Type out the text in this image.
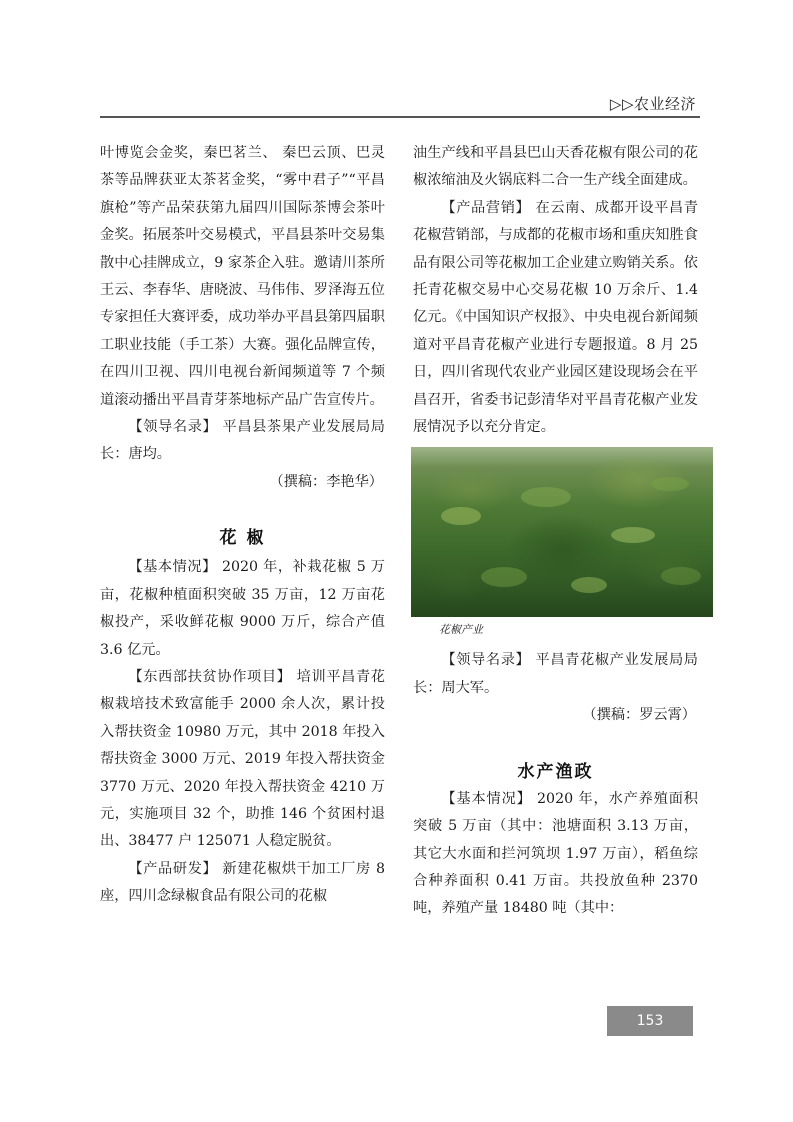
▷▷农业经济

叶博览会金奖，秦巴茗兰、 秦巴云顶、巴灵茶等品牌获亚太茶茗金奖，“雾中君子”“平昌旗枪”等产品荣获第九届四川国际茶博会茶叶金奖。拓展茶叶交易模式，平昌县茶叶交易集散中心挂牌成立，9 家茶企入驻。邀请川茶所王云、李春华、唐晓波、马伟伟、罗泽海五位专家担任大赛评委，成功举办平昌县第四届职工职业技能（手工茶）大赛。强化品牌宣传，在四川卫视、四川电视台新闻频道等 7 个频道滚动播出平昌青芽茶地标产品广告宣传片。

【领导名录】 平昌县茶果产业发展局局长：唐均。

（撰稿：李艳华）

花 椒

【基本情况】 2020 年，补栽花椒 5 万亩，花椒种植面积突破 35 万亩，12 万亩花椒投产，采收鲜花椒 9000 万斤，综合产值 3.6 亿元。

【东西部扶贫协作项目】 培训平昌青花椒栽培技术致富能手 2000 余人次，累计投入帮扶资金 10980 万元，其中 2018 年投入帮扶资金 3000 万元、2019 年投入帮扶资金 3770 万元、2020 年投入帮扶资金 4210 万元，实施项目 32 个，助推 146 个贫困村退出、38477 户 125071 人稳定脱贫。

【产品研发】 新建花椒烘干加工厂房 8 座，四川念绿椒食品有限公司的花椒

油生产线和平昌县巴山天香花椒有限公司的花椒浓缩油及火锅底料二合一生产线全面建成。

【产品营销】 在云南、成都开设平昌青花椒营销部，与成都的花椒市场和重庆知胜食品有限公司等花椒加工企业建立购销关系。依托青花椒交易中心交易花椒 10 万余斤、1.4 亿元。《中国知识产权报》、中央电视台新闻频道对平昌青花椒产业进行专题报道。8 月 25 日，四川省现代农业产业园区建设现场会在平昌召开，省委书记彭清华对平昌青花椒产业发展情况予以充分肯定。

花椒产业

【领导名录】 平昌青花椒产业发展局局长：周大军。

（撰稿：罗云霄）

水产渔政

【基本情况】 2020 年，水产养殖面积突破 5 万亩（其中：池塘面积 3.13 万亩，其它大水面和拦河筑坝 1.97 万亩），稻鱼综合种养面积 0.41 万亩。共投放鱼种 2370 吨，养殖产量 18480 吨（其中：

153
